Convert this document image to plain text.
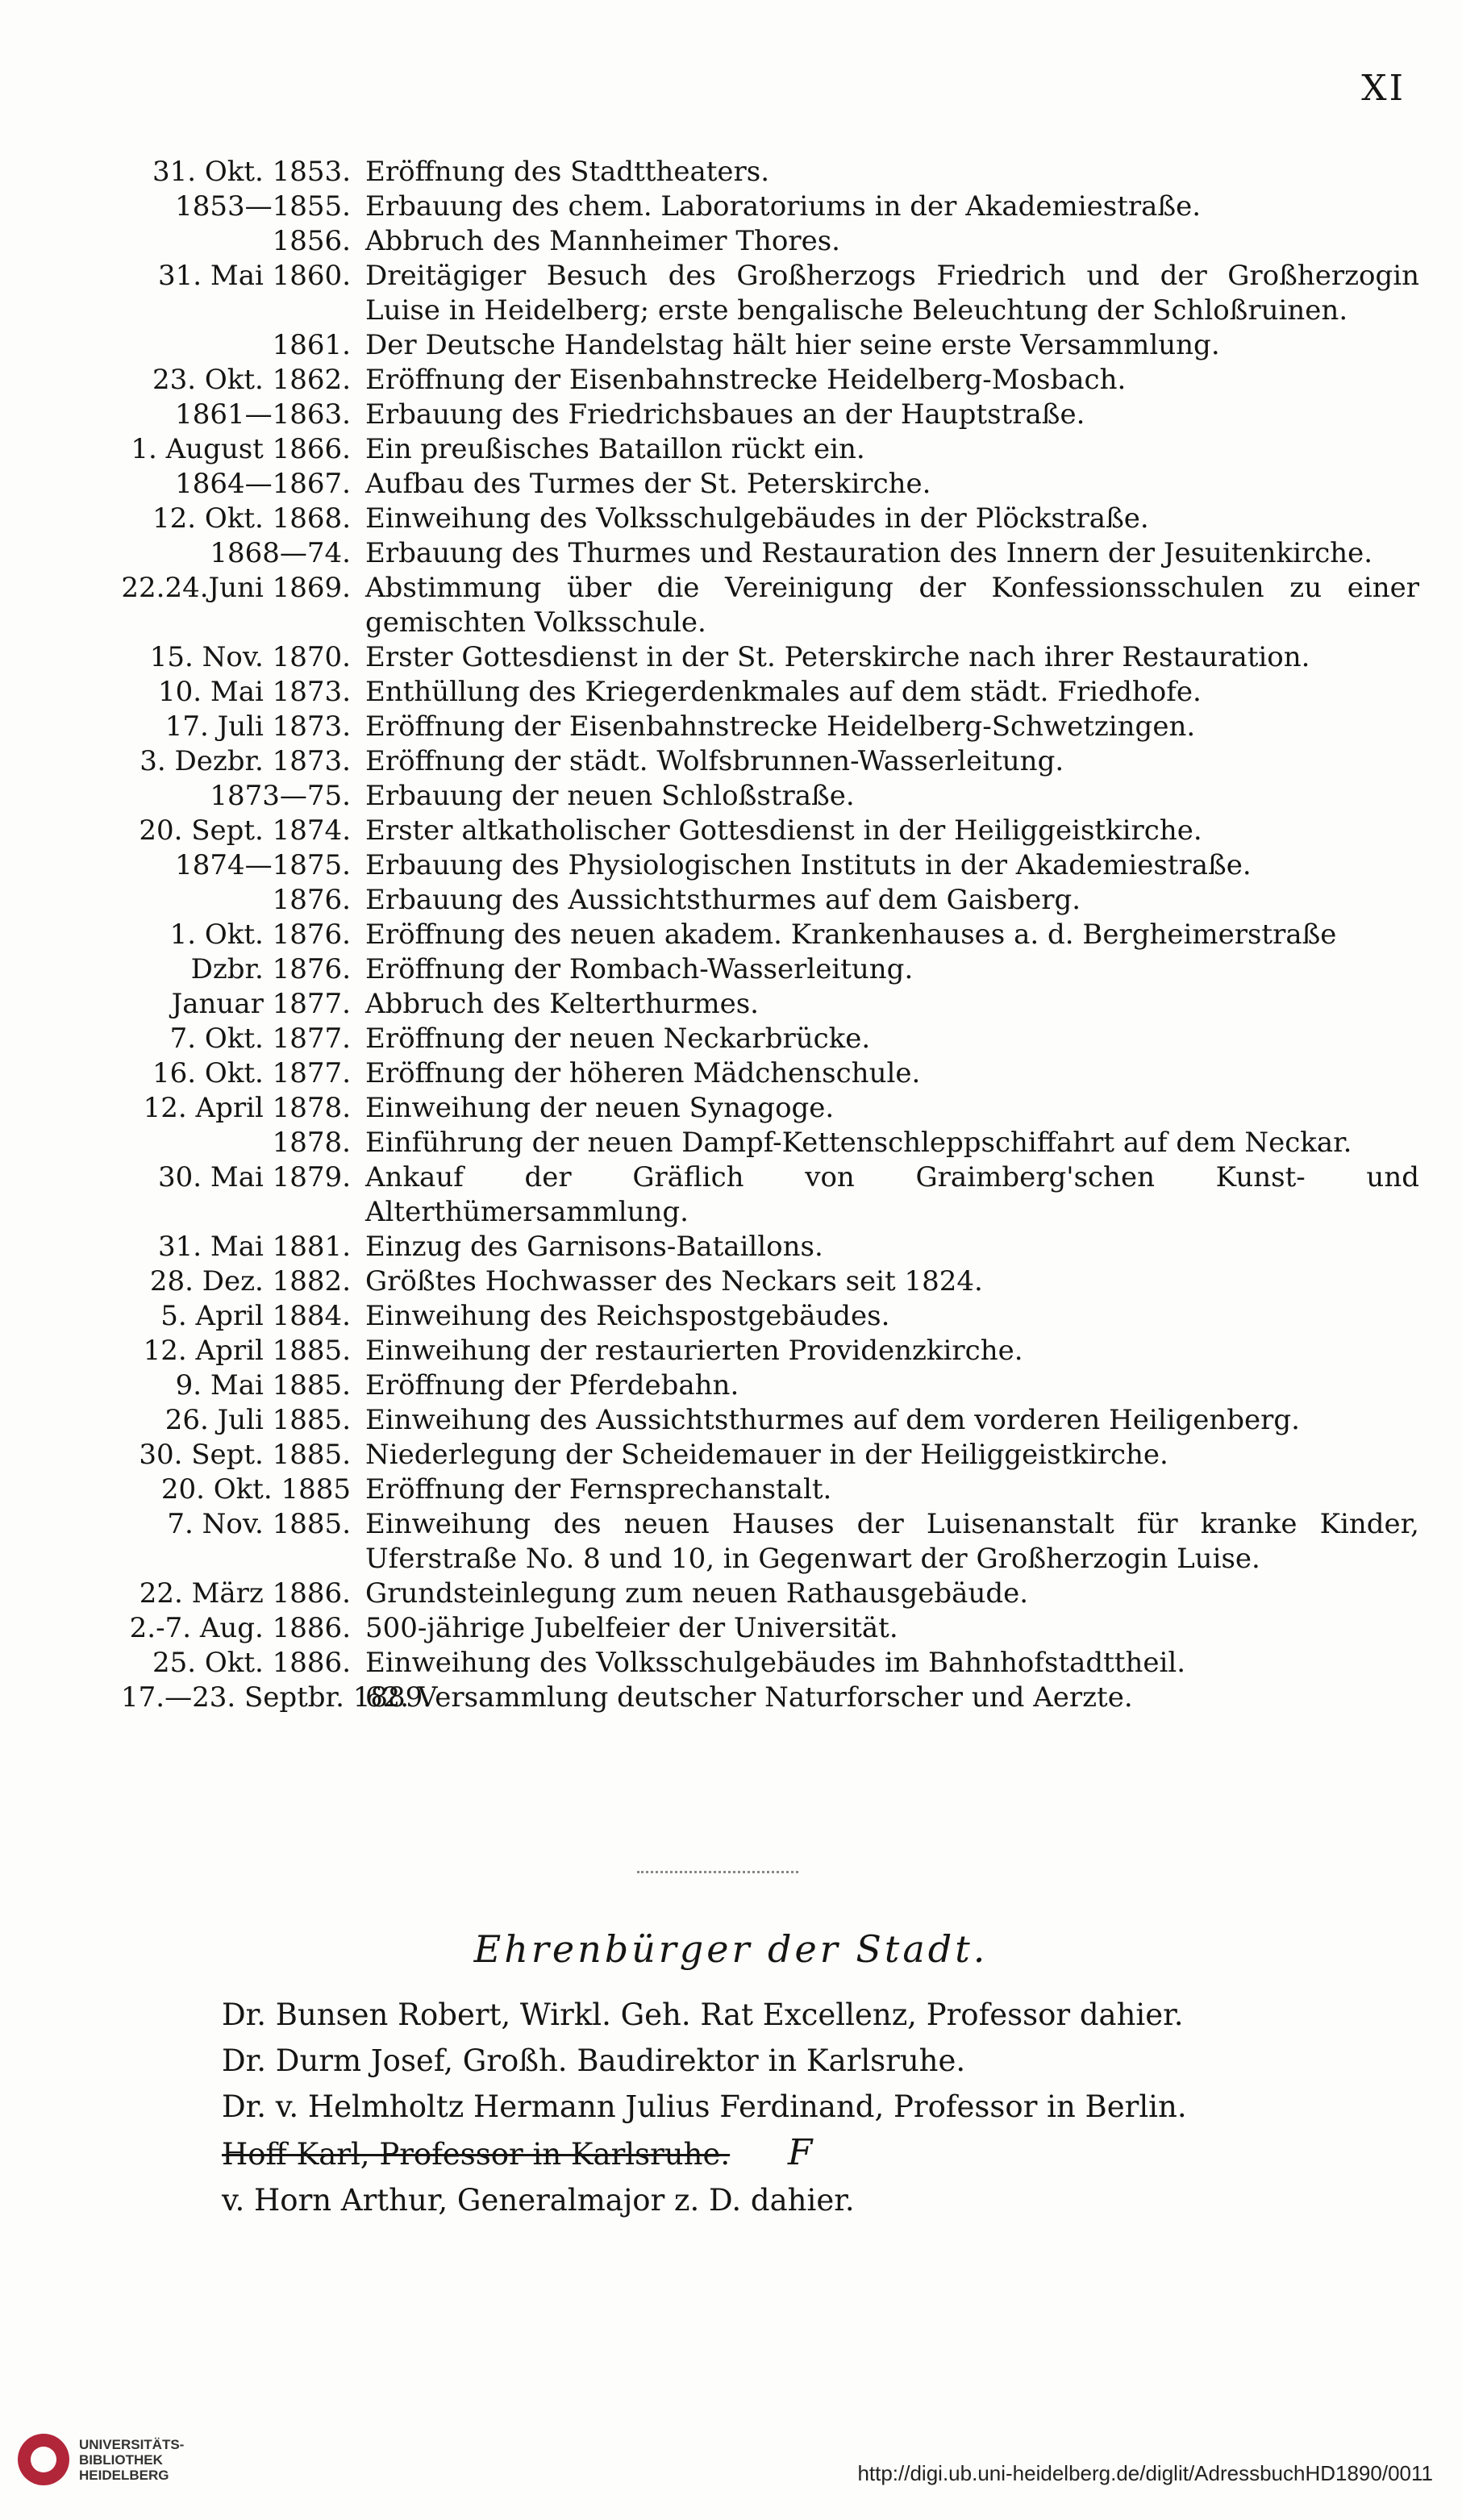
XI
31. Okt. 1853. Eröffnung des Stadttheaters.
1853—1855. Erbauung des chem. Laboratoriums in der Akademiestraße.
1856. Abbruch des Mannheimer Thores.
31. Mai 1860. Dreitägiger Besuch des Großherzogs Friedrich und der Großherzogin Luise in Heidelberg; erste bengalische Beleuchtung der Schloßruinen.
1861. Der Deutsche Handelstag hält hier seine erste Versammlung.
23. Okt. 1862. Eröffnung der Eisenbahnstrecke Heidelberg-Mosbach.
1861—1863. Erbauung des Friedrichsbaues an der Hauptstraße.
1. August 1866. Ein preußisches Bataillon rückt ein.
1864—1867. Aufbau des Turmes der St. Peterskirche.
12. Okt. 1868. Einweihung des Volksschulgebäudes in der Plöckstraße.
1868—74. Erbauung des Thurmes und Restauration des Innern der Jesuitenkirche.
22.24.Juni 1869. Abstimmung über die Vereinigung der Konfessionsschulen zu einer gemischten Volksschule.
15. Nov. 1870. Erster Gottesdienst in der St. Peterskirche nach ihrer Restauration.
10. Mai 1873. Enthüllung des Kriegerdenkmales auf dem städt. Friedhofe.
17. Juli 1873. Eröffnung der Eisenbahnstrecke Heidelberg-Schwetzingen.
3. Dezbr. 1873. Eröffnung der städt. Wolfsbrunnen-Wasserleitung.
1873—75. Erbauung der neuen Schloßstraße.
20. Sept. 1874. Erster altkatholischer Gottesdienst in der Heiliggeistkirche.
1874—1875. Erbauung des Physiologischen Instituts in der Akademiestraße.
1876. Erbauung des Aussichtsthurmes auf dem Gaisberg.
1. Okt. 1876. Eröffnung des neuen akadem. Krankenhauses a. d. Bergheimerstraße
Dzbr. 1876. Eröffnung der Rombach-Wasserleitung.
Januar 1877. Abbruch des Kelterthurmes.
7. Okt. 1877. Eröffnung der neuen Neckarbrücke.
16. Okt. 1877. Eröffnung der höheren Mädchenschule.
12. April 1878. Einweihung der neuen Synagoge.
1878. Einführung der neuen Dampf-Kettenschleppschiffahrt auf dem Neckar.
30. Mai 1879. Ankauf der Gräflich von Graimberg'schen Kunst- und Alterthümersammlung.
31. Mai 1881. Einzug des Garnisons-Bataillons.
28. Dez. 1882. Größtes Hochwasser des Neckars seit 1824.
5. April 1884. Einweihung des Reichspostgebäudes.
12. April 1885. Einweihung der restaurierten Providenzkirche.
9. Mai 1885. Eröffnung der Pferdebahn.
26. Juli 1885. Einweihung des Aussichtsthurmes auf dem vorderen Heiligenberg.
30. Sept. 1885. Niederlegung der Scheidemauer in der Heiliggeistkirche.
20. Okt. 1885 Eröffnung der Fernsprechanstalt.
7. Nov. 1885. Einweihung des neuen Hauses der Luisenanstalt für kranke Kinder, Uferstraße No. 8 und 10, in Gegenwart der Großherzogin Luise.
22. März 1886. Grundsteinlegung zum neuen Rathausgebäude.
2.-7. Aug. 1886. 500-jährige Jubelfeier der Universität.
25. Okt. 1886. Einweihung des Volksschulgebäudes im Bahnhofstadttheil.
17.—23. Septbr. 1889.
62. Versammlung deutscher Naturforscher und Aerzte.
Ehrenbürger der Stadt.
Dr. Bunsen Robert, Wirkl. Geh. Rat Excellenz, Professor dahier.
Dr. Durm Josef, Großh. Baudirektor in Karlsruhe.
Dr. v. Helmholtz Hermann Julius Ferdinand, Professor in Berlin.
Hoff Karl, Professor in Karlsruhe. F
v. Horn Arthur, Generalmajor z. D. dahier.
UNIVERSITÄTS-
BIBLIOTHEK
HEIDELBERG	http://digi.ub.uni-heidelberg.de/diglit/AdressbuchHD1890/0011
